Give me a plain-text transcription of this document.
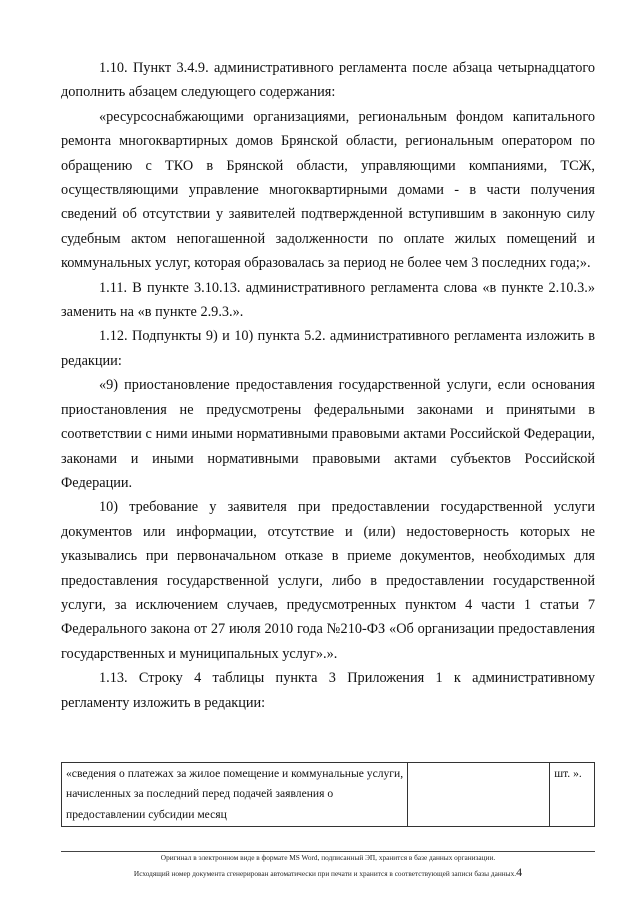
1.10. Пункт 3.4.9. административного регламента после абзаца четырнадцатого дополнить абзацем следующего содержания:

«ресурсоснабжающими организациями, региональным фондом капитального ремонта многоквартирных домов Брянской области, региональным оператором по обращению с ТКО в Брянской области, управляющими компаниями, ТСЖ, осуществляющими управление многоквартирными домами - в части получения сведений об отсутствии у заявителей подтвержденной вступившим в законную силу судебным актом непогашенной задолженности по оплате жилых помещений и коммунальных услуг, которая образовалась за период не более чем 3 последних года;».

1.11. В пункте 3.10.13. административного регламента слова «в пункте 2.10.3.» заменить на «в пункте 2.9.3.».

1.12. Подпункты 9) и 10) пункта 5.2. административного регламента изложить в редакции:

«9) приостановление предоставления государственной услуги, если основания приостановления не предусмотрены федеральными законами и принятыми в соответствии с ними иными нормативными правовыми актами Российской Федерации, законами и иными нормативными правовыми актами субъектов Российской Федерации.

10) требование у заявителя при предоставлении государственной услуги документов или информации, отсутствие и (или) недостоверность которых не указывались при первоначальном отказе в приеме документов, необходимых для предоставления государственной услуги, либо в предоставлении государственной услуги, за исключением случаев, предусмотренных пунктом 4 части 1 статьи 7 Федерального закона от 27 июля 2010 года №210-ФЗ «Об организации предоставления государственных и муниципальных услуг».».

1.13. Строку 4 таблицы пункта 3 Приложения 1 к административному регламенту изложить в редакции:

«сведения о платежах за жилое помещение и коммунальные услуги, начисленных за последний перед подачей заявления о предоставлении субсидии месяц		шт. ».
Оригинал в электронном виде в формате MS Word, подписанный ЭП, хранится в базе данных организации.
Исходящий номер документа сгенерирован автоматически при печати и хранится в соответствующей записи базы данных.4
